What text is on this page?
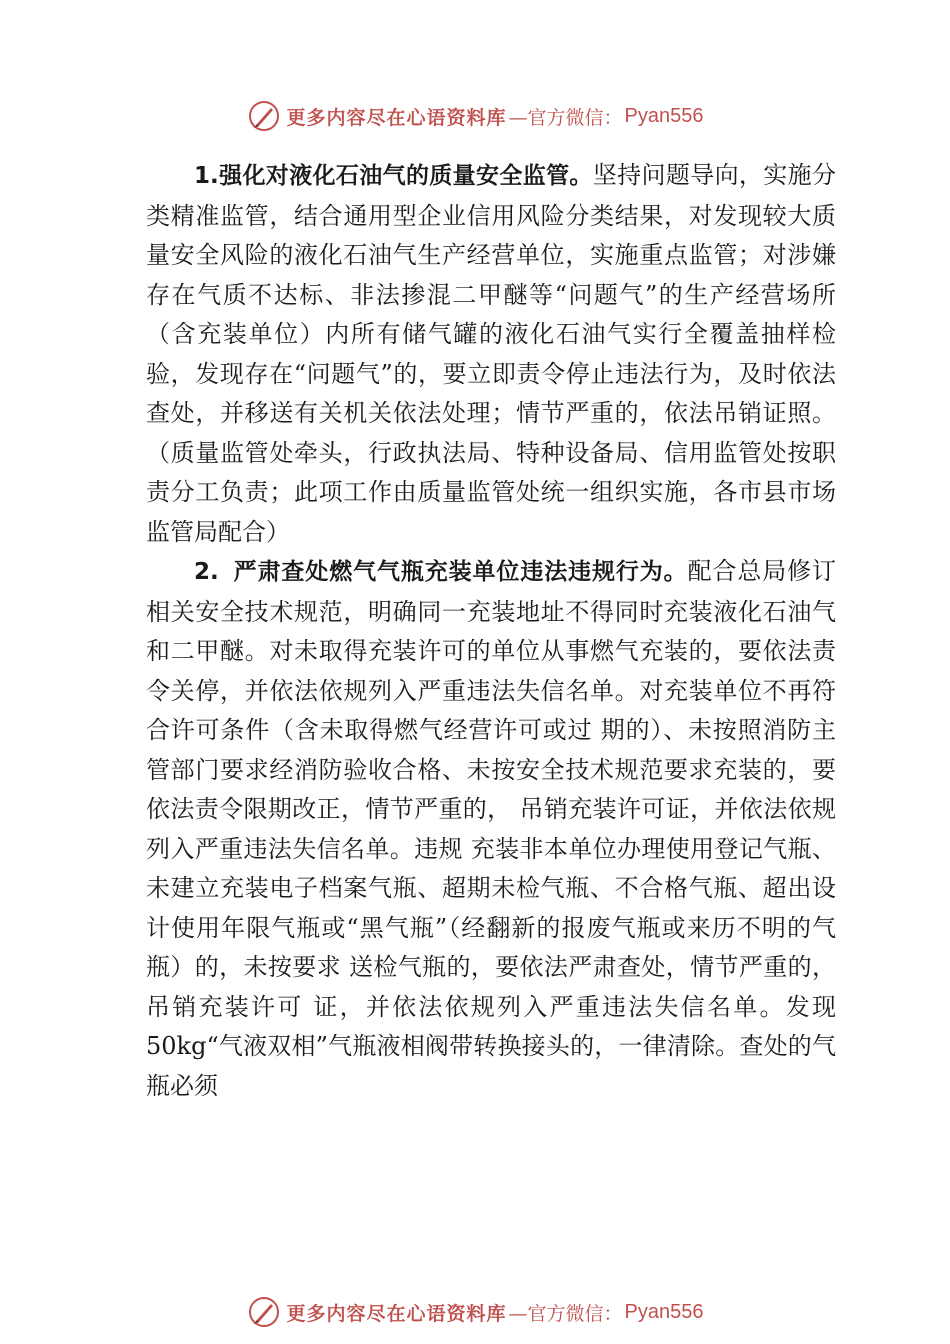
更多内容尽在心语资料库 —官方微信： Pyan556

1.强化对液化石油气的质量安全监管。坚持问题导向，实施分类精准监管，结合通用型企业信用风险分类结果，对发现较大质量安全风险的液化石油气生产经营单位，实施重点监管；对涉嫌存在气质不达标、非法掺混二甲醚等“问题气”的生产经营场所（含充装单位）内所有储气罐的液化石油气实行全覆盖抽样检验，发现存在“问题气”的，要立即责令停止违法行为，及时依法查处，并移送有关机关依法处理；情节严重的，依法吊销证照。（质量监管处牵头，行政执法局、特种设备局、信用监管处按职责分工负责；此项工作由质量监管处统一组织实施，各市县市场监管局配合）

2. 严肃查处燃气气瓶充装单位违法违规行为。配合总局修订相关安全技术规范，明确同一充装地址不得同时充装液化石油气和二甲醚。对未取得充装许可的单位从事燃气充装的，要依法责令关停，并依法依规列入严重违法失信名单。对充装单位不再符合许可条件（含未取得燃气经营许可或过 期的）、未按照消防主管部门要求经消防验收合格、未按安全技术规范要求充装的，要依法责令限期改正，情节严重的， 吊销充装许可证，并依法依规列入严重违法失信名单。违规 充装非本单位办理使用登记气瓶、未建立充装电子档案气瓶、超期未检气瓶、不合格气瓶、超出设计使用年限气瓶或“黑气瓶”（经翻新的报废气瓶或来历不明的气瓶）的，未按要求 送检气瓶的，要依法严肃查处，情节严重的，吊销充装许可 证，并依法依规列入严重违法失信名单。发现 50kg“气液双相”气瓶液相阀带转换接头的，一律清除。查处的气瓶必须

更多内容尽在心语资料库 —官方微信： Pyan556
